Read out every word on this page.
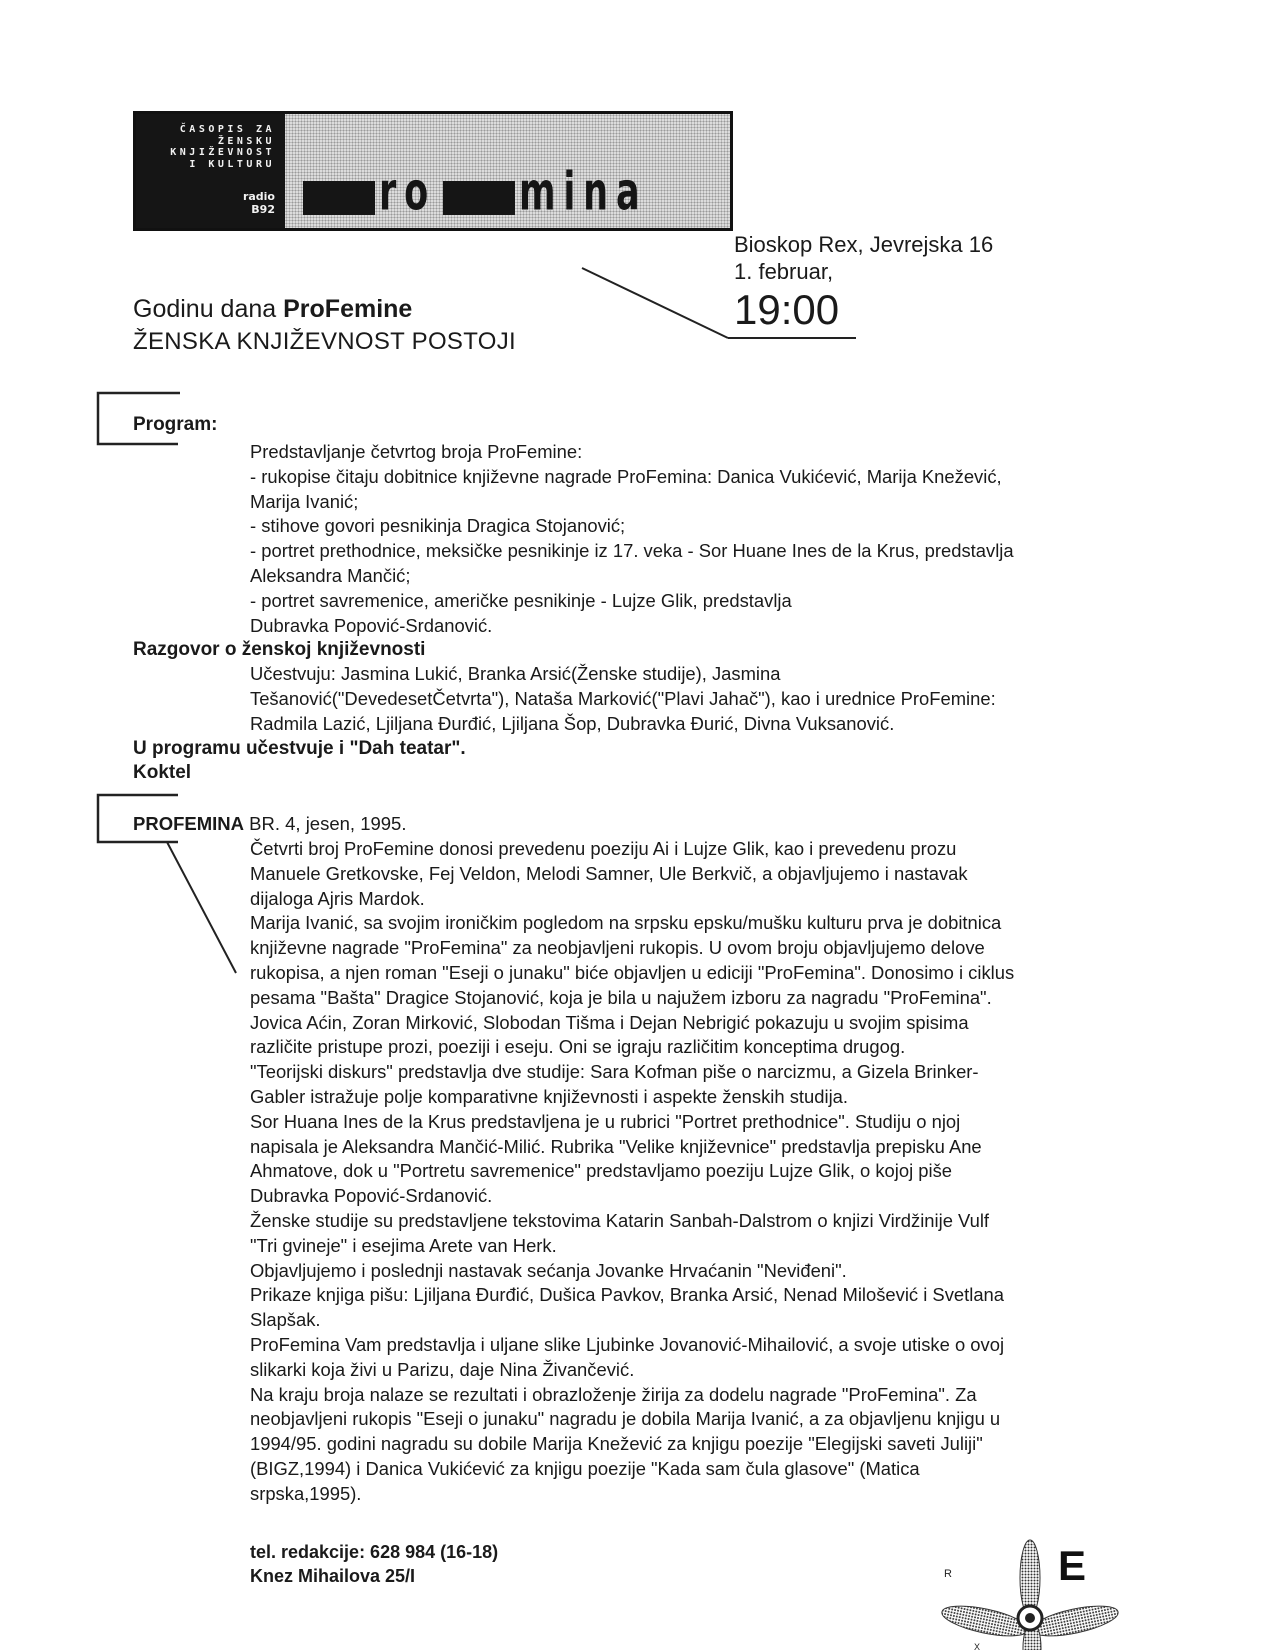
ČASOPIS ZA
ŽENSKU
KNJIŽEVNOST
I KULTURU
radio
B92 ro mina
Bioskop Rex, Jevrejska 16
1. februar,
19:00
Godinu dana ProFemine
ŽENSKA KNJIŽEVNOST POSTOJI
Program:
Predstavljanje četvrtog broja ProFemine:
- rukopise čitaju dobitnice književne nagrade ProFemina: Danica Vukićević, Marija Knežević,
Marija Ivanić;
- stihove govori pesnikinja Dragica Stojanović;
- portret prethodnice, meksičke pesnikinje iz 17. veka - Sor Huane Ines de la Krus, predstavlja
Aleksandra Mančić;
- portret savremenice, američke pesnikinje - Lujze Glik, predstavlja
Dubravka Popović-Srdanović.
Razgovor o ženskoj književnosti
Učestvuju: Jasmina Lukić, Branka Arsić(Ženske studije), Jasmina
Tešanović("DevedesetČetvrta"), Nataša Marković("Plavi Jahač"), kao i urednice ProFemine:
Radmila Lazić, Ljiljana Đurđić, Ljiljana Šop, Dubravka Đurić, Divna Vuksanović.
U programu učestvuje i "Dah teatar".
Koktel
PROFEMINA BR. 4, jesen, 1995.
Četvrti broj ProFemine donosi prevedenu poeziju Ai i Lujze Glik, kao i prevedenu prozu
Manuele Gretkovske, Fej Veldon, Melodi Samner, Ule Berkvič, a objavljujemo i nastavak
dijaloga Ajris Mardok.
Marija Ivanić, sa svojim ironičkim pogledom na srpsku epsku/mušku kulturu prva je dobitnica
književne nagrade "ProFemina" za neobjavljeni rukopis. U ovom broju objavljujemo delove
rukopisa, a njen roman "Eseji o junaku" biće objavljen u ediciji "ProFemina". Donosimo i ciklus
pesama "Bašta" Dragice Stojanović, koja je bila u najužem izboru za nagradu "ProFemina".
Jovica Aćin, Zoran Mirković, Slobodan Tišma i Dejan Nebrigić pokazuju u svojim spisima
različite pristupe prozi, poeziji i eseju. Oni se igraju različitim konceptima drugog.
"Teorijski diskurs" predstavlja dve studije: Sara Kofman piše o narcizmu, a Gizela Brinker-
Gabler istražuje polje komparativne književnosti i aspekte ženskih studija.
Sor Huana Ines de la Krus predstavljena je u rubrici "Portret prethodnice". Studiju o njoj
napisala je Aleksandra Mančić-Milić. Rubrika "Velike književnice" predstavlja prepisku Ane
Ahmatove, dok u "Portretu savremenice" predstavljamo poeziju Lujze Glik, o kojoj piše
Dubravka Popović-Srdanović.
Ženske studije su predstavljene tekstovima Katarin Sanbah-Dalstrom o knjizi Virdžinije Vulf
"Tri gvineje" i esejima Arete van Herk.
Objavljujemo i poslednji nastavak sećanja Jovanke Hrvaćanin "Neviđeni".
Prikaze knjiga pišu: Ljiljana Đurđić, Dušica Pavkov, Branka Arsić, Nenad Milošević i Svetlana
Slapšak.
ProFemina Vam predstavlja i uljane slike Ljubinke Jovanović-Mihailović, a svoje utiske o ovoj
slikarki koja živi u Parizu, daje Nina Živančević.
Na kraju broja nalaze se rezultati i obrazloženje žirija za dodelu nagrade "ProFemina". Za
neobjavljeni rukopis "Eseji o junaku" nagradu je dobila Marija Ivanić, a za objavljenu knjigu u
1994/95. godini nagradu su dobile Marija Knežević za knjigu poezije "Elegijski saveti Juliji"
(BIGZ,1994) i Danica Vukićević za knjigu poezije "Kada sam čula glasove" (Matica
srpska,1995).
tel. redakcije: 628 984 (16-18)
Knez Mihailova 25/I	R	E
X
